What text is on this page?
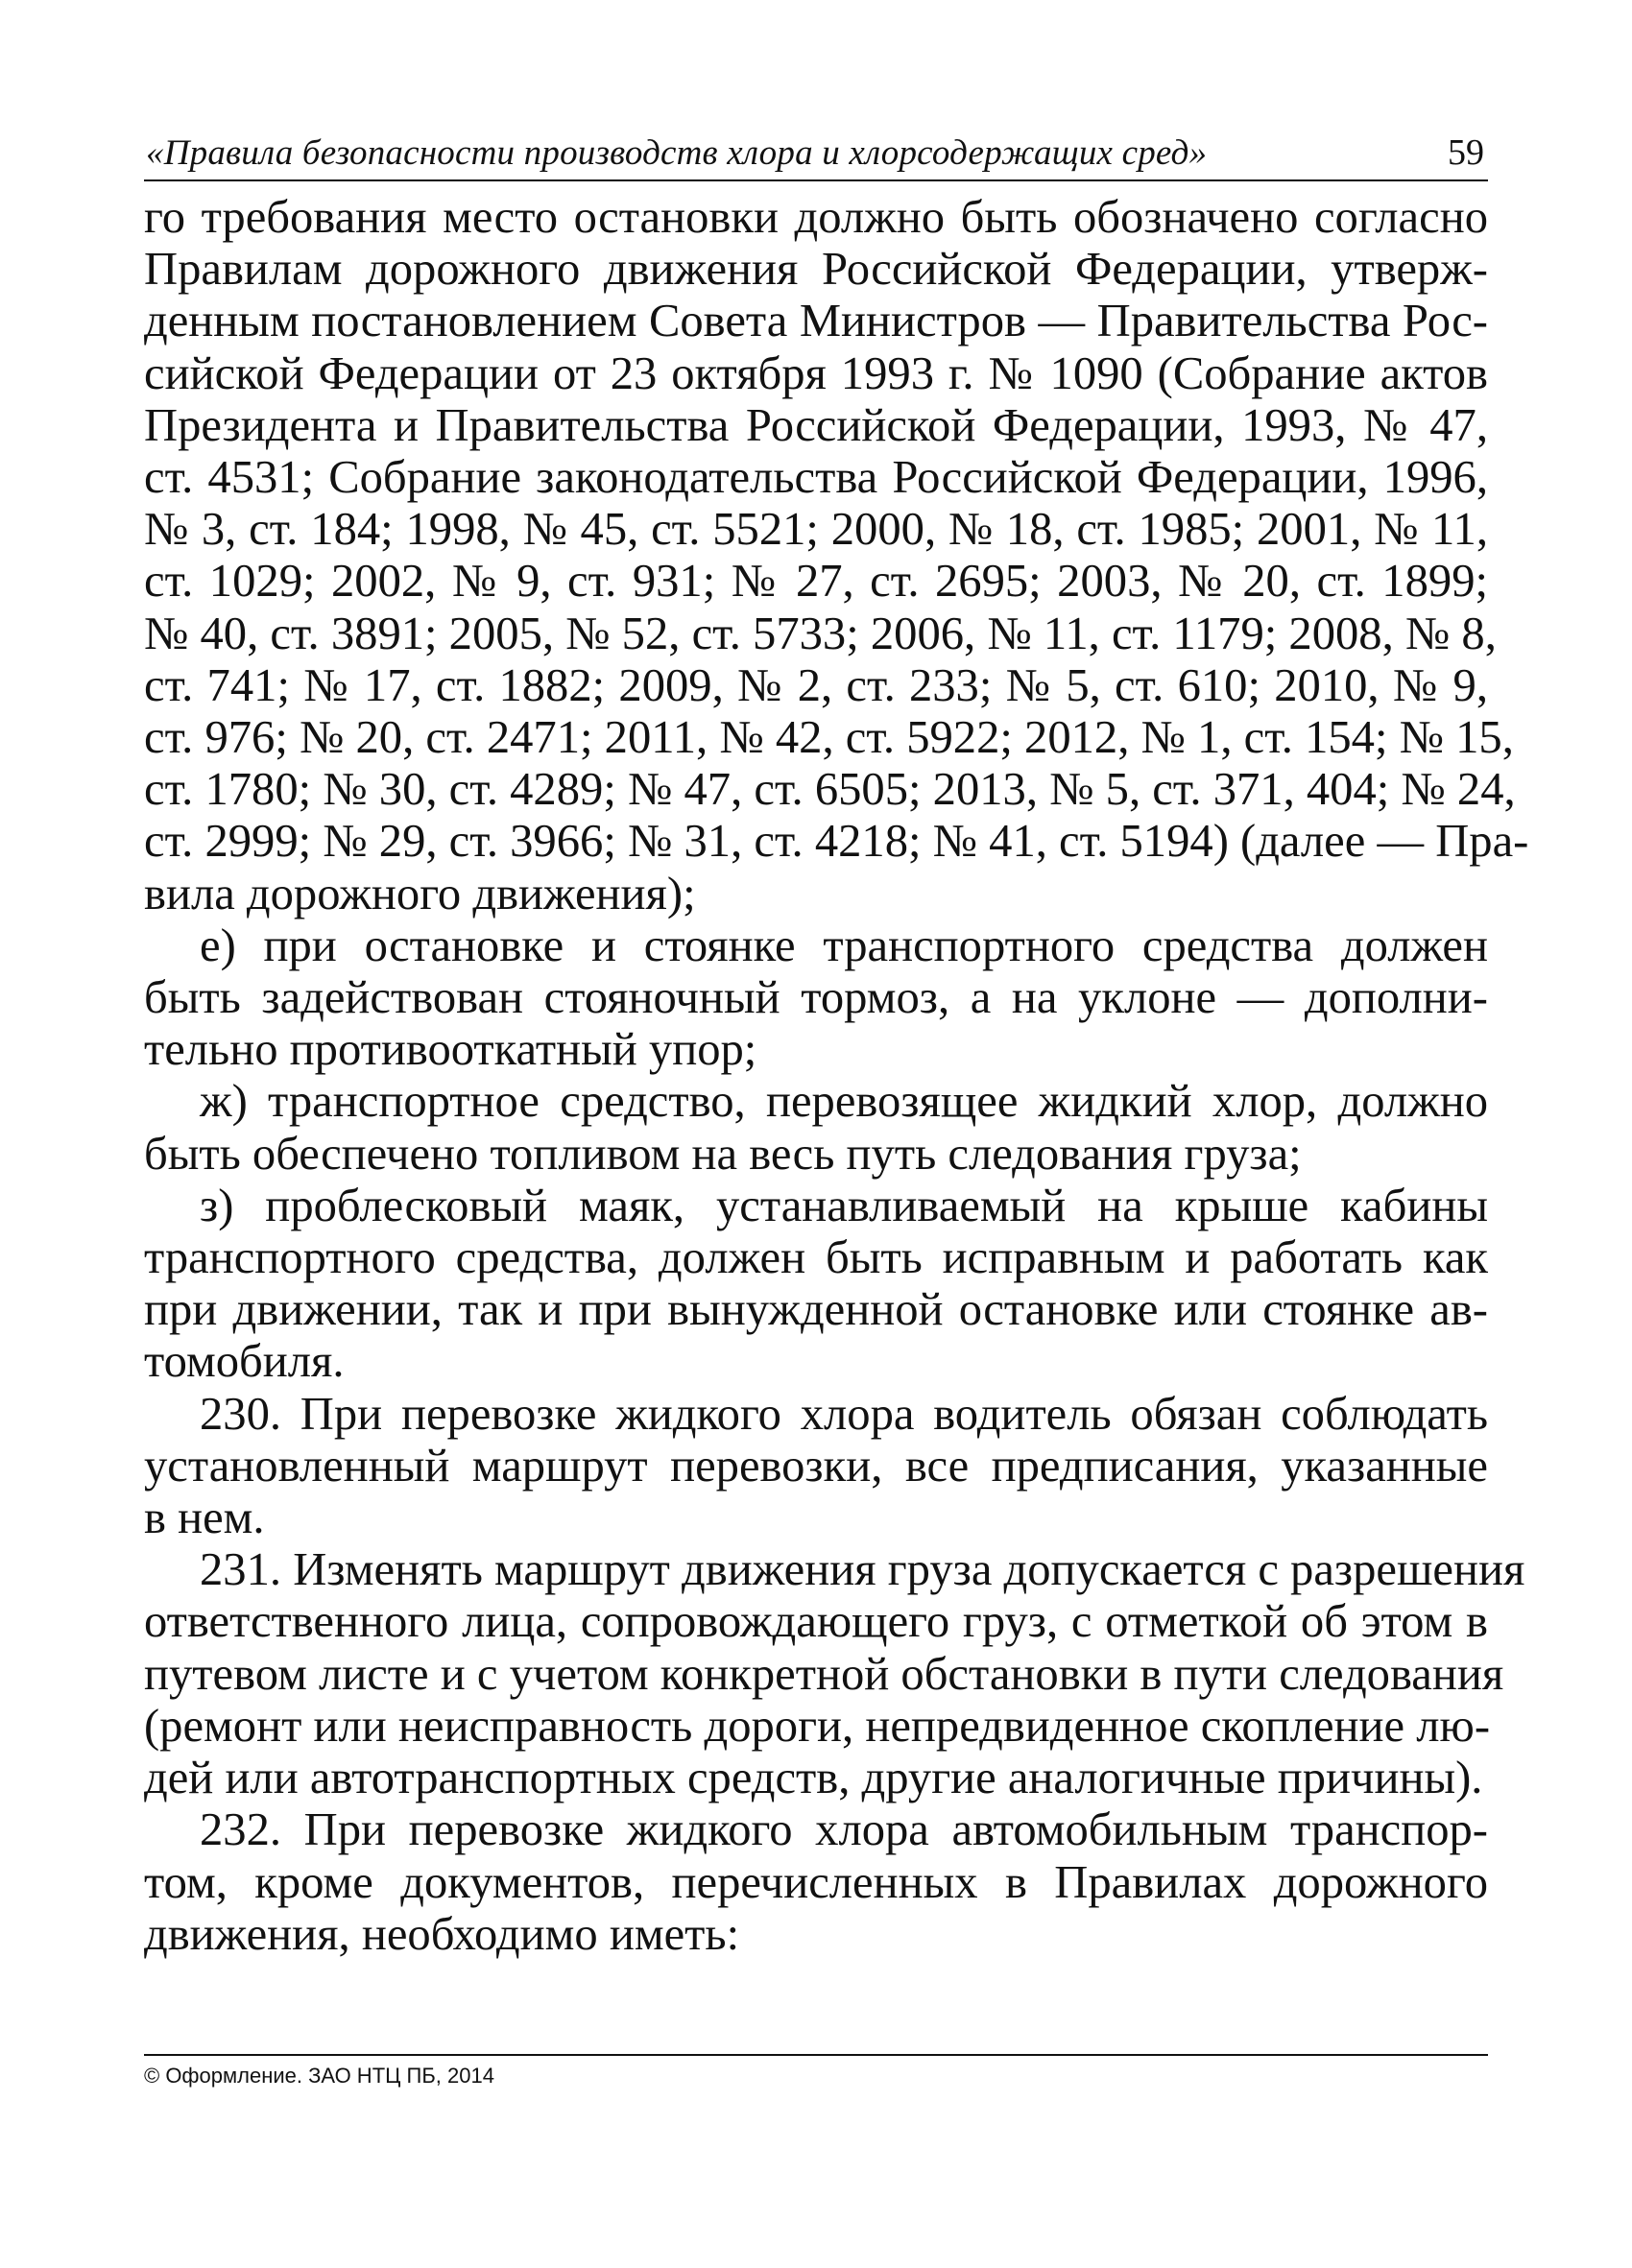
«Правила безопасности производств хлора и хлорсодержащих сред»	59

го требования место остановки должно быть обозначено согласно
Правилам дорожного движения Российской Федерации, утверж-
денным постановлением Совета Министров — Правительства Рос-
сийской Федерации от 23 октября 1993 г. № 1090 (Собрание актов
Президента и Правительства Российской Федерации, 1993, № 47,
ст. 4531; Собрание законодательства Российской Федерации, 1996,
№ 3, ст. 184; 1998, № 45, ст. 5521; 2000, № 18, ст. 1985; 2001, № 11,
ст. 1029; 2002, № 9, ст. 931; № 27, ст. 2695; 2003, № 20, ст. 1899;
№ 40, ст. 3891; 2005, № 52, ст. 5733; 2006, № 11, ст. 1179; 2008, № 8,
ст. 741; № 17, ст. 1882; 2009, № 2, ст. 233; № 5, ст. 610; 2010, № 9,
ст. 976; № 20, ст. 2471; 2011, № 42, ст. 5922; 2012, № 1, ст. 154; № 15,
ст. 1780; № 30, ст. 4289; № 47, ст. 6505; 2013, № 5, ст. 371, 404; № 24,
ст. 2999; № 29, ст. 3966; № 31, ст. 4218; № 41, ст. 5194) (далее — Пра-
вила дорожного движения);

е) при остановке и стоянке транспортного средства должен
быть задействован стояночный тормоз, а на уклоне — дополни-
тельно противооткатный упор;

ж) транспортное средство, перевозящее жидкий хлор, должно
быть обеспечено топливом на весь путь следования груза;

з) проблесковый маяк, устанавливаемый на крыше кабины
транспортного средства, должен быть исправным и работать как
при движении, так и при вынужденной остановке или стоянке ав-
томобиля.

230. При перевозке жидкого хлора водитель обязан соблюдать
установленный маршрут перевозки, все предписания, указанные
в нем.

231. Изменять маршрут движения груза допускается с разрешения
ответственного лица, сопровождающего груз, с отметкой об этом в
путевом листе и с учетом конкретной обстановки в пути следования
(ремонт или неисправность дороги, непредвиденное скопление лю-
дей или автотранспортных средств, другие аналогичные причины).

232. При перевозке жидкого хлора автомобильным транспор-
том, кроме документов, перечисленных в Правилах дорожного
движения, необходимо иметь:

© Оформление. ЗАО НТЦ ПБ, 2014
